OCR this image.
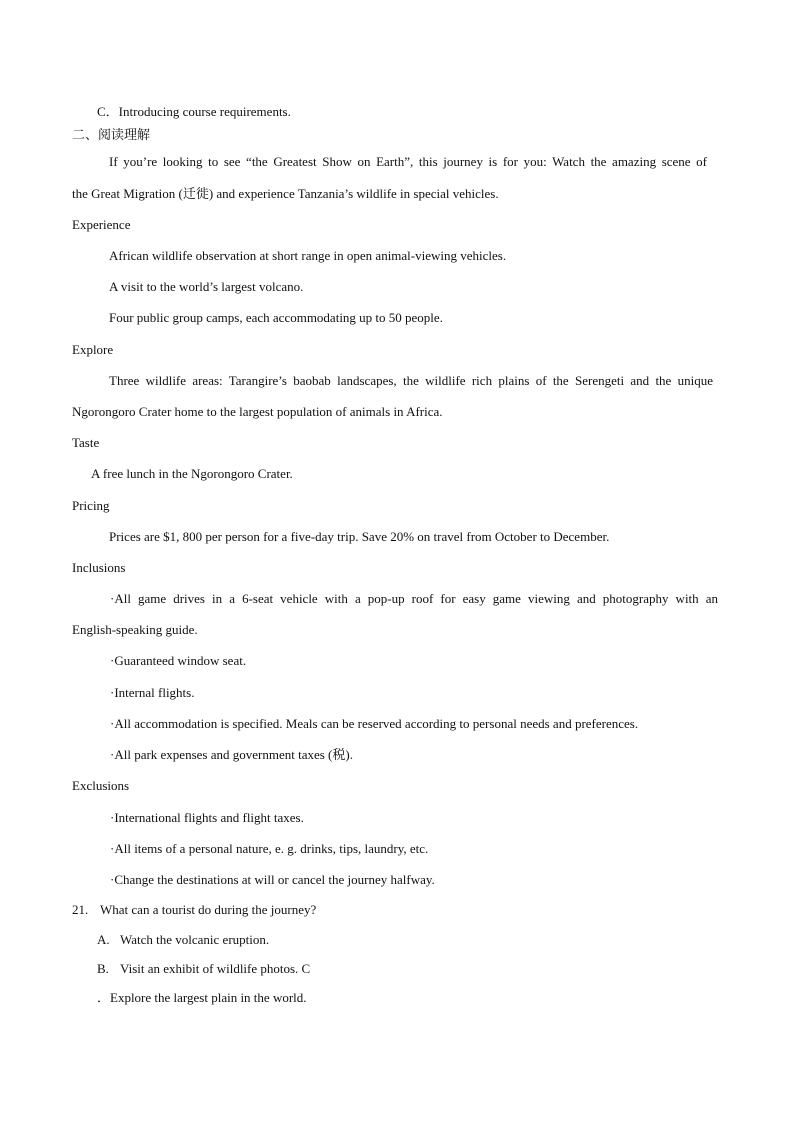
C．Introducing course requirements.
二、阅读理解
If you’re looking to see “the Greatest Show on Earth”, this journey is for you: Watch the amazing scene of
the Great Migration (迁徙) and experience Tanzania’s wildlife in special vehicles.
Experience
African wildlife observation at short range in open animal-viewing vehicles.
A visit to the world’s largest volcano.
Four public group camps, each accommodating up to 50 people.
Explore
Three wildlife areas: Tarangire’s baobab landscapes, the wildlife rich plains of the Serengeti and the unique
Ngorongoro Crater home to the largest population of animals in Africa.
Taste
A free lunch in the Ngorongoro Crater.
Pricing
Prices are $1, 800 per person for a five-day trip. Save 20% on travel from October to December.
Inclusions
·All game drives in a 6-seat vehicle with a pop-up roof for easy game viewing and photography with an
English-speaking guide.
·Guaranteed window seat.
·Internal flights.
·All accommodation is specified. Meals can be reserved according to personal needs and preferences.
·All park expenses and government taxes (税).
Exclusions
·International flights and flight taxes.
·All items of a personal nature, e. g. drinks, tips, laundry, etc.
·Change the destinations at will or cancel the journey halfway.
21. What can a tourist do during the journey?
A. Watch the volcanic eruption.
B. Visit an exhibit of wildlife photos. C
．Explore the largest plain in the world.
